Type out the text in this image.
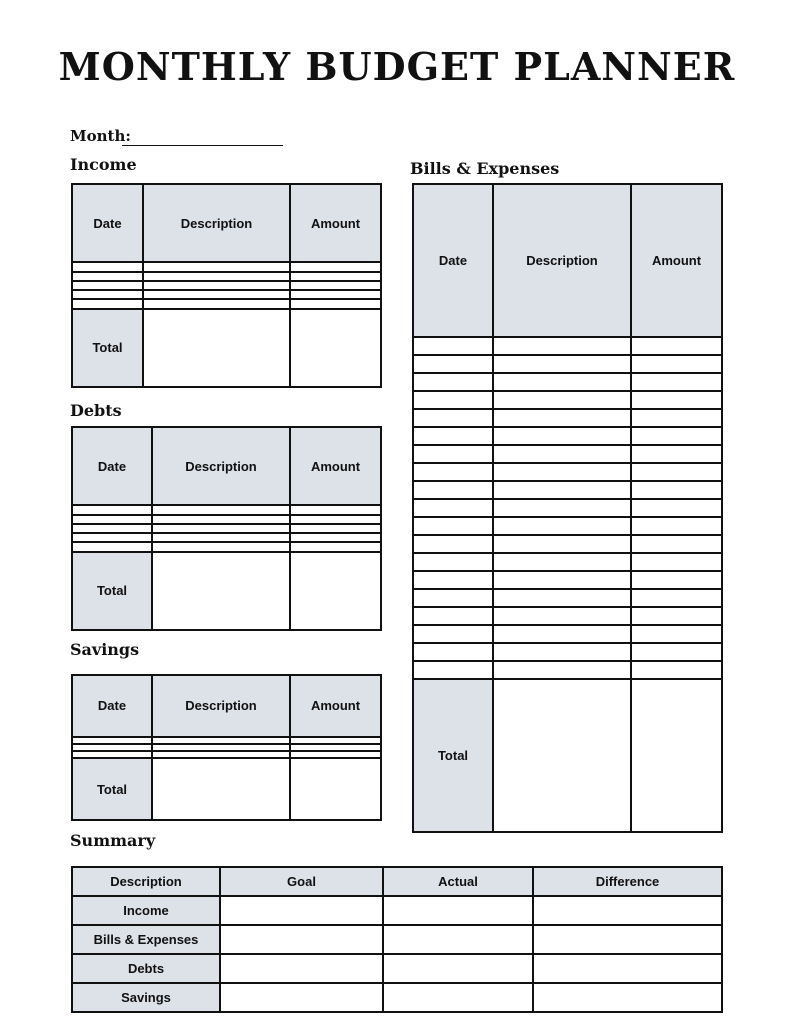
MONTHLY BUDGET PLANNER
Month:
Income	Bills & Expenses
Debts
Savings
Summary
Date	Description	Amount

Total		
Date	Description	Amount

Total		
Date	Description	Amount

Total		
Date	Description	Amount

Total		
Description	Goal	Actual	Difference
Income			
Bills & Expenses			
Debts			
Savings			
